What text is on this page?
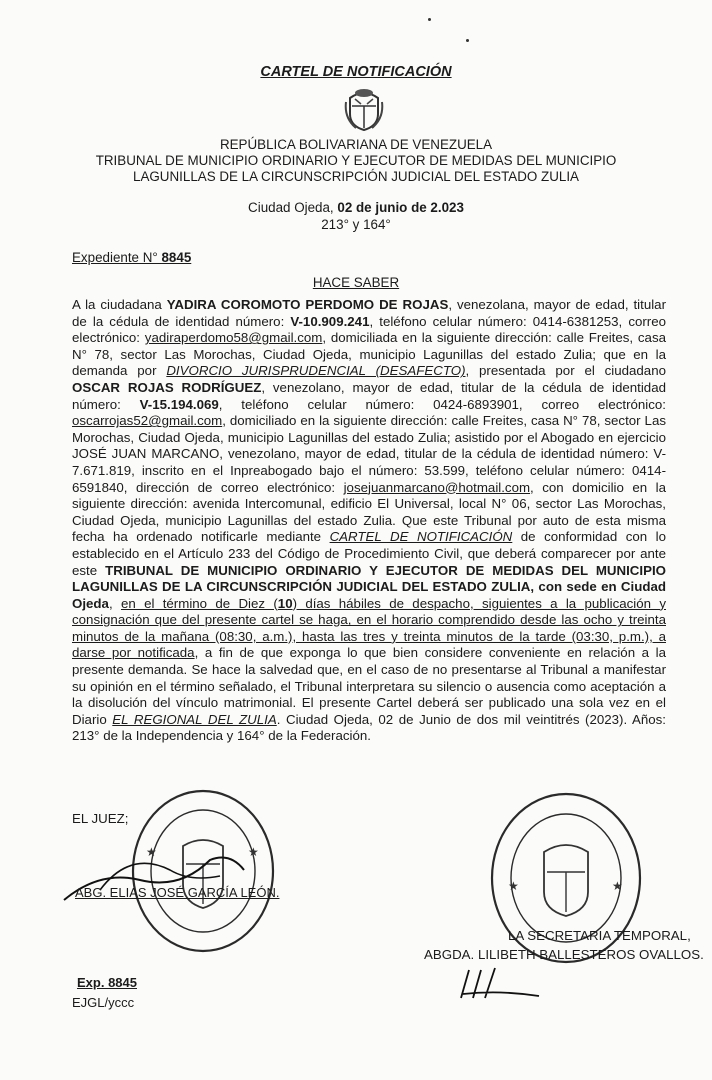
CARTEL DE NOTIFICACIÓN
REPÚBLICA BOLIVARIANA DE VENEZUELA
TRIBUNAL DE MUNICIPIO ORDINARIO Y EJECUTOR DE MEDIDAS DEL MUNICIPIO
LAGUNILLAS DE LA CIRCUNSCRIPCIÓN JUDICIAL DEL ESTADO ZULIA
Ciudad Ojeda, 02 de junio de 2.023
213° y 164°
Expediente N° 8845
HACE SABER
A la ciudadana YADIRA COROMOTO PERDOMO DE ROJAS, venezolana, mayor de edad, titular de la cédula de identidad número: V-10.909.241, teléfono celular número: 0414-6381253, correo electrónico: yadiraperdomo58@gmail.com, domiciliada en la siguiente dirección: calle Freites, casa N° 78, sector Las Morochas, Ciudad Ojeda, municipio Lagunillas del estado Zulia; que en la demanda por DIVORCIO JURISPRUDENCIAL (DESAFECTO), presentada por el ciudadano OSCAR ROJAS RODRÍGUEZ, venezolano, mayor de edad, titular de la cédula de identidad número: V-15.194.069, teléfono celular número: 0424-6893901, correo electrónico: oscarrojas52@gmail.com, domiciliado en la siguiente dirección: calle Freites, casa N° 78, sector Las Morochas, Ciudad Ojeda, municipio Lagunillas del estado Zulia; asistido por el Abogado en ejercicio JOSÉ JUAN MARCANO, venezolano, mayor de edad, titular de la cédula de identidad número: V-7.671.819, inscrito en el Inpreabogado bajo el número: 53.599, teléfono celular número: 0414-6591840, dirección de correo electrónico: josejuanmarcano@hotmail.com, con domicilio en la siguiente dirección: avenida Intercomunal, edificio El Universal, local N° 06, sector Las Morochas, Ciudad Ojeda, municipio Lagunillas del estado Zulia. Que este Tribunal por auto de esta misma fecha ha ordenado notificarle mediante CARTEL DE NOTIFICACIÓN de conformidad con lo establecido en el Artículo 233 del Código de Procedimiento Civil, que deberá comparecer por ante este TRIBUNAL DE MUNICIPIO ORDINARIO Y EJECUTOR DE MEDIDAS DEL MUNICIPIO LAGUNILLAS DE LA CIRCUNSCRIPCIÓN JUDICIAL DEL ESTADO ZULIA, con sede en Ciudad Ojeda, en el término de Diez (10) días hábiles de despacho, siguientes a la publicación y consignación que del presente cartel se haga, en el horario comprendido desde las ocho y treinta minutos de la mañana (08:30, a.m.), hasta las tres y treinta minutos de la tarde (03:30, p.m.), a darse por notificada, a fin de que exponga lo que bien considere conveniente en relación a la presente demanda. Se hace la salvedad que, en el caso de no presentarse al Tribunal a manifestar su opinión en el término señalado, el Tribunal interpretara su silencio o ausencia como aceptación a la disolución del vínculo matrimonial. El presente Cartel deberá ser publicado una sola vez en el Diario EL REGIONAL DEL ZULIA. Ciudad Ojeda, 02 de Junio de dos mil veintitrés (2023). Años: 213° de la Independencia y 164° de la Federación.
EL JUEZ;
★
★
ABG. ELIAS JOSÉ GARCÍA LEÓN.	★
★
LA SECRETARIA TEMPORAL,
ABGDA. LILIBETH BALLESTEROS OVALLOS.
Exp. 8845
EJGL/yccc
